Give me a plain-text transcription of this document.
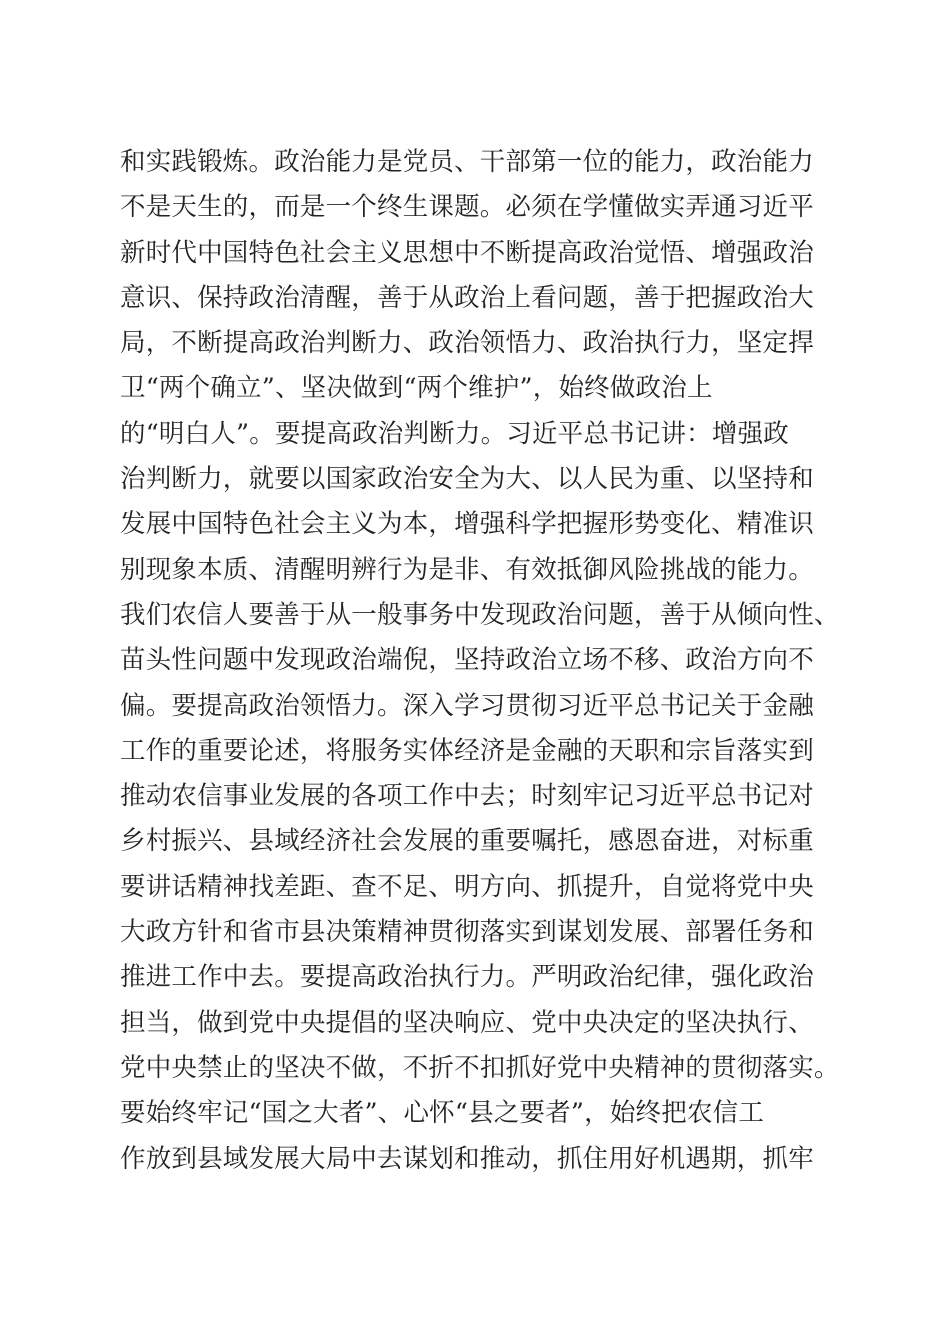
和实践锻炼。政治能力是党员、干部第一位的能力，政治能力
不是天生的，而是一个终生课题。必须在学懂做实弄通习近平
新时代中国特色社会主义思想中不断提高政治觉悟、增强政治
意识、保持政治清醒，善于从政治上看问题，善于把握政治大
局，不断提高政治判断力、政治领悟力、政治执行力，坚定捍
卫“两个确立”、坚决做到“两个维护”，始终做政治上
的“明白人”。要提高政治判断力。习近平总书记讲：增强政
治判断力，就要以国家政治安全为大、以人民为重、以坚持和
发展中国特色社会主义为本，增强科学把握形势变化、精准识
别现象本质、清醒明辨行为是非、有效抵御风险挑战的能力。
我们农信人要善于从一般事务中发现政治问题，善于从倾向性、
苗头性问题中发现政治端倪，坚持政治立场不移、政治方向不
偏。要提高政治领悟力。深入学习贯彻习近平总书记关于金融
工作的重要论述，将服务实体经济是金融的天职和宗旨落实到
推动农信事业发展的各项工作中去；时刻牢记习近平总书记对
乡村振兴、县域经济社会发展的重要嘱托，感恩奋进，对标重
要讲话精神找差距、查不足、明方向、抓提升，自觉将党中央
大政方针和省市县决策精神贯彻落实到谋划发展、部署任务和
推进工作中去。要提高政治执行力。严明政治纪律，强化政治
担当，做到党中央提倡的坚决响应、党中央决定的坚决执行、
党中央禁止的坚决不做，不折不扣抓好党中央精神的贯彻落实。
要始终牢记“国之大者”、心怀“县之要者”，始终把农信工
作放到县域发展大局中去谋划和推动，抓住用好机遇期，抓牢
